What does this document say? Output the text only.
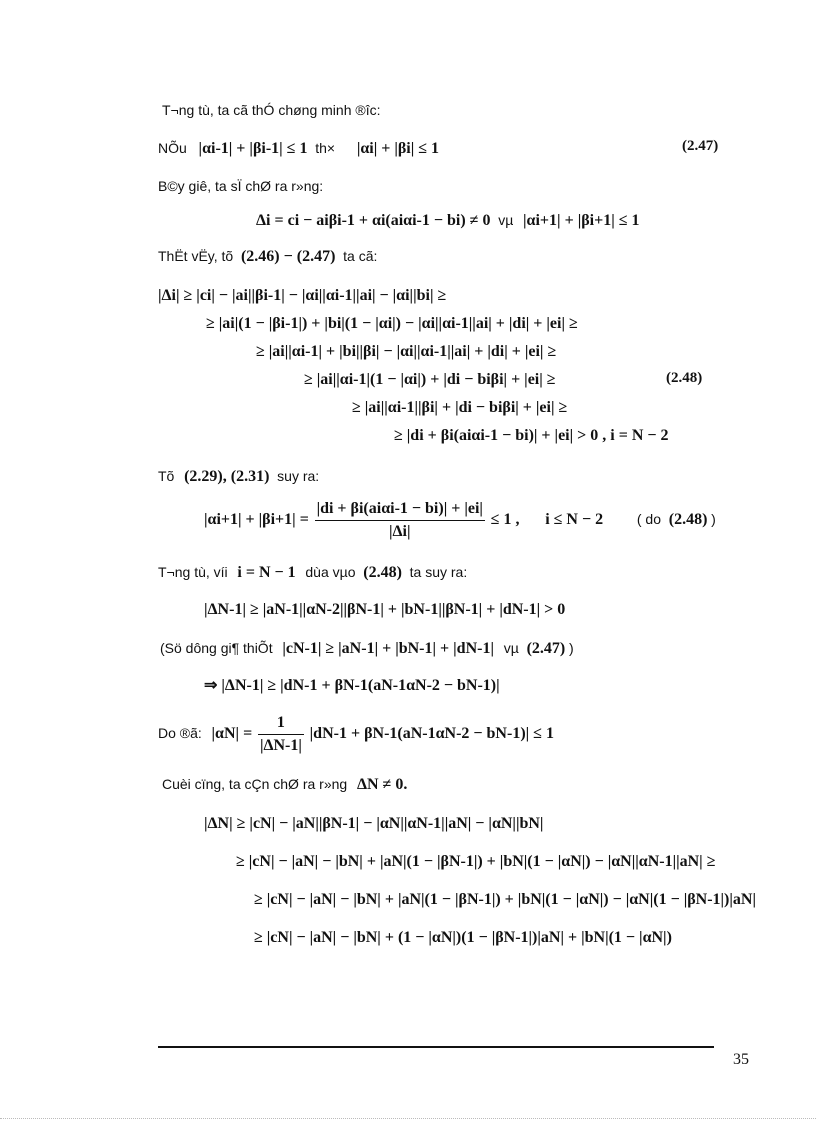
T¬ng tù, ta cã thÓ chøng minh ®îc:
NÕu |αi-1| + |βi-1| ≤ 1 th× |αi| + |βi| ≤ 1	(2.47)
B©y giê, ta sÏ chØ ra r»ng:
Δi = ci − aiβi-1 + αi(aiαi-1 − bi) ≠ 0 vµ |αi+1| + |βi+1| ≤ 1
ThËt vËy, tõ (2.46) − (2.47) ta cã:
|Δi| ≥ |ci| − |ai||βi-1| − |αi||αi-1||ai| − |αi||bi| ≥
≥ |ai|(1 − |βi-1|) + |bi|(1 − |αi|) − |αi||αi-1||ai| + |di| + |ei| ≥
≥ |ai||αi-1| + |bi||βi| − |αi||αi-1||ai| + |di| + |ei| ≥
≥ |ai||αi-1|(1 − |αi|) + |di − biβi| + |ei| ≥	(2.48)
≥ |ai||αi-1||βi| + |di − biβi| + |ei| ≥
≥ |di + βi(aiαi-1 − bi)| + |ei| > 0 , i = N − 2
Tõ (2.29), (2.31) suy ra:
$|\alpha i+1| + |\beta i+1| = \frac{\text{|di + βi(aiαi-1 − bi)| + |ei|}}{|\Delta i|} \le 1$ , i ≤ N − 2 ( do (2.48) )
T¬ng tù, víi i = N − 1 dùa vµo (2.48) ta suy ra:
|ΔN-1| ≥ |aN-1||αN-2||βN-1| + |bN-1||βN-1| + |dN-1| > 0
(Sö dông gi¶ thiÕt |cN-1| ≥ |aN-1| + |bN-1| + |dN-1| vµ (2.47) )
⇒ |ΔN-1| ≥ |dN-1 + βN-1(aN-1αN-2 − bN-1)|
Do ®ã: $|\alpha N| = \frac{1}{|\Delta N-1|} |dN-1 + \beta N-1(aN-1\alpha N-2 - bN-1)| \le 1$
Cuèi cïng, ta cÇn chØ ra r»ng ΔN ≠ 0.
|ΔN| ≥ |cN| − |aN||βN-1| − |αN||αN-1||aN| − |αN||bN|
≥ |cN| − |aN| − |bN| + |aN|(1 − |βN-1|) + |bN|(1 − |αN|) − |αN||αN-1||aN| ≥
≥ |cN| − |aN| − |bN| + |aN|(1 − |βN-1|) + |bN|(1 − |αN|) − |αN|(1 − |βN-1|)|aN|
≥ |cN| − |aN| − |bN| + (1 − |αN|)(1 − |βN-1|)|aN| + |bN|(1 − |αN|)
35
